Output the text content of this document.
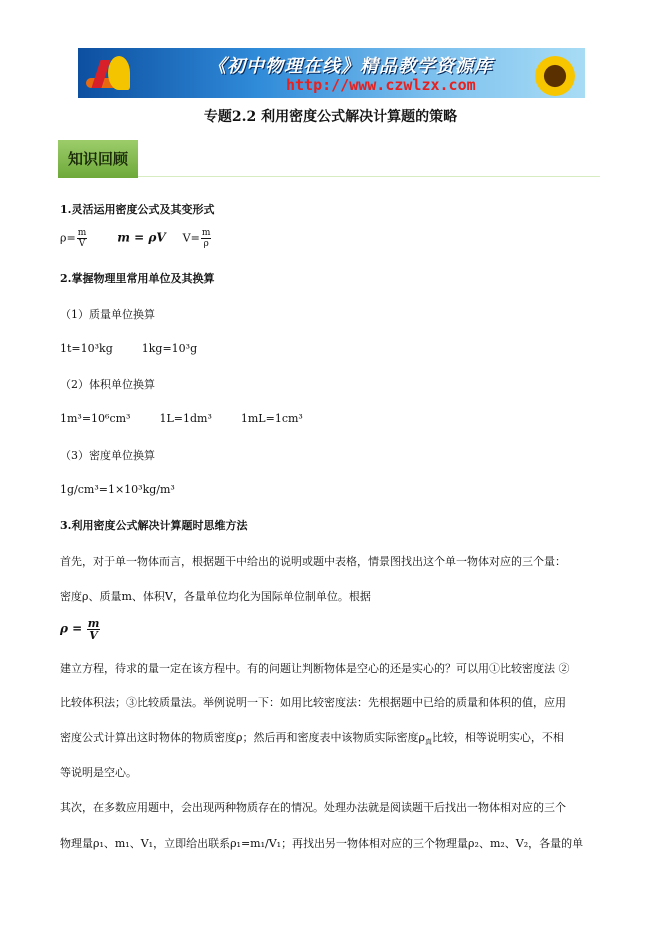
《初中物理在线》精品教学资源库
http://www.czwlzx.com
专题2.2 利用密度公式解决计算题的策略
知识回顾
1.灵活运用密度公式及其变形式
$\rho= \frac{m}{V}$	m = ρV $V= \frac{m}{\rho}$
2.掌握物理里常用单位及其换算
（1）质量单位换算
1t=10³kg	1kg=10³g
（2）体积单位换算
1m³=10⁶cm³	1L=1dm³	1mL=1cm³
（3）密度单位换算
1g/cm³=1×10³kg/m³
3.利用密度公式解决计算题时思维方法
首先，对于单一物体而言，根据题干中给出的说明或题中表格，情景图找出这个单一物体对应的三个量：
密度ρ、质量m、体积V，各量单位均化为国际单位制单位。根据
$\rho = \frac{m}{V}$
建立方程，待求的量一定在该方程中。有的问题让判断物体是空心的还是实心的？可以用①比较密度法 ②
比较体积法；③比较质量法。举例说明一下：如用比较密度法：先根据题中已给的质量和体积的值，应用
密度公式计算出这时物体的物质密度ρ；然后再和密度表中该物质实际密度$\rho_真$比较，相等说明实心，不相
等说明是空心。
其次，在多数应用题中，会出现两种物质存在的情况。处理办法就是阅读题干后找出一物体相对应的三个
物理量ρ₁、m₁、V₁，立即给出联系ρ₁=m₁/V₁；再找出另一物体相对应的三个物理量ρ₂、m₂、V₂，各量的单
